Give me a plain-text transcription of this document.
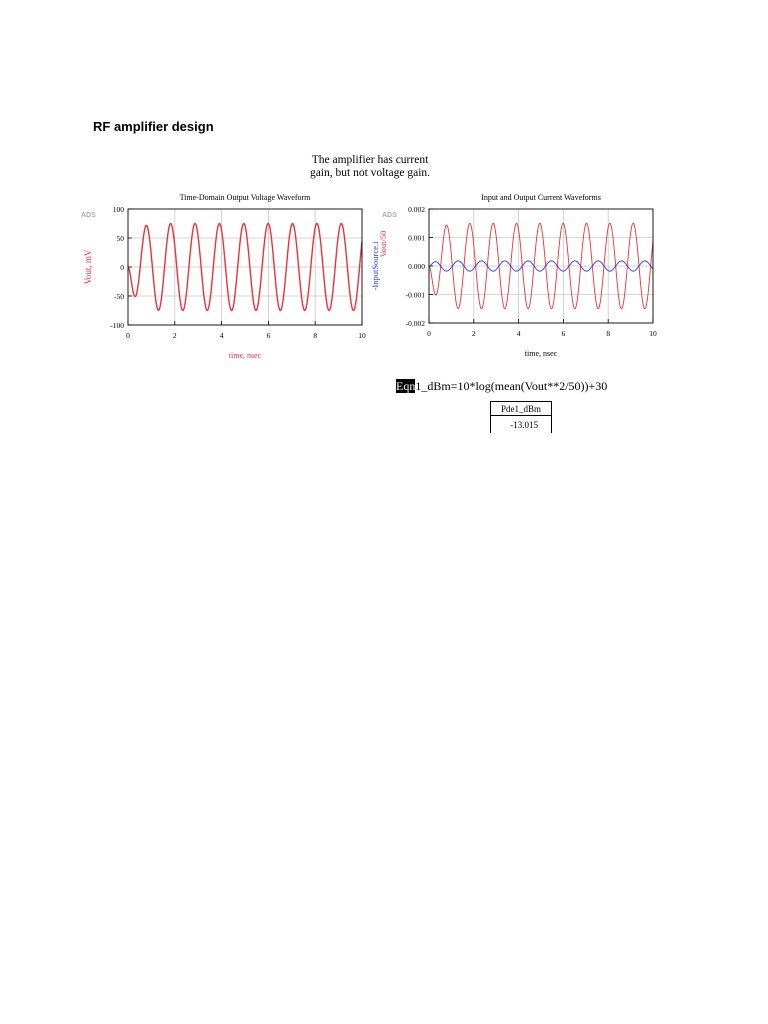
RF amplifier design
The amplifier has current
gain, but not voltage gain.
Time-Domain Output Voltage Waveform
ADS
0	2	4	6	8	10
100
50
0
-50
-100
time, nsec
Vout, mV
Input and Output Current Waveforms
ADS
0	2	4	6	8	10
0.002
0.001
0.000
-0.001
-0.002
time, nsec
-InputSource.i
Vout/50
Eqn1_dBm=10*log(mean(Vout**2/50))+30
Pde1_dBm
-13.015
